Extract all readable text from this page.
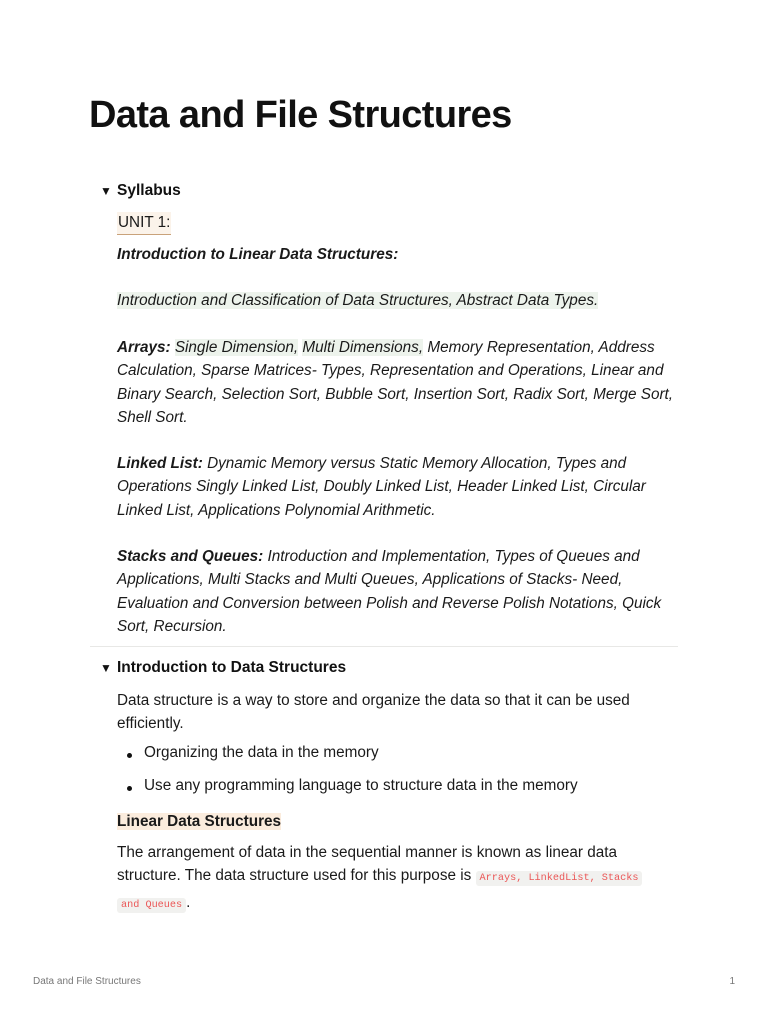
Data and File Structures
▼ Syllabus
UNIT 1:

Introduction to Linear Data Structures:

Introduction and Classification of Data Structures, Abstract Data Types.

Arrays: Single Dimension, Multi Dimensions, Memory Representation, Address Calculation, Sparse Matrices- Types, Representation and Operations, Linear and Binary Search, Selection Sort, Bubble Sort, Insertion Sort, Radix Sort, Merge Sort, Shell Sort.

Linked List: Dynamic Memory versus Static Memory Allocation, Types and Operations Singly Linked List, Doubly Linked List, Header Linked List, Circular Linked List, Applications Polynomial Arithmetic.

Stacks and Queues: Introduction and Implementation, Types of Queues and Applications, Multi Stacks and Multi Queues, Applications of Stacks- Need, Evaluation and Conversion between Polish and Reverse Polish Notations, Quick Sort, Recursion.

▼ Introduction to Data Structures

Data structure is a way to store and organize the data so that it can be used efficiently.

Organizing the data in the memory
Use any programming language to structure data in the memory

Linear Data Structures

The arrangement of data in the sequential manner is known as linear data structure. The data structure used for this purpose is Arrays, LinkedList, Stacks
and Queues .

Data and File Structures	1
